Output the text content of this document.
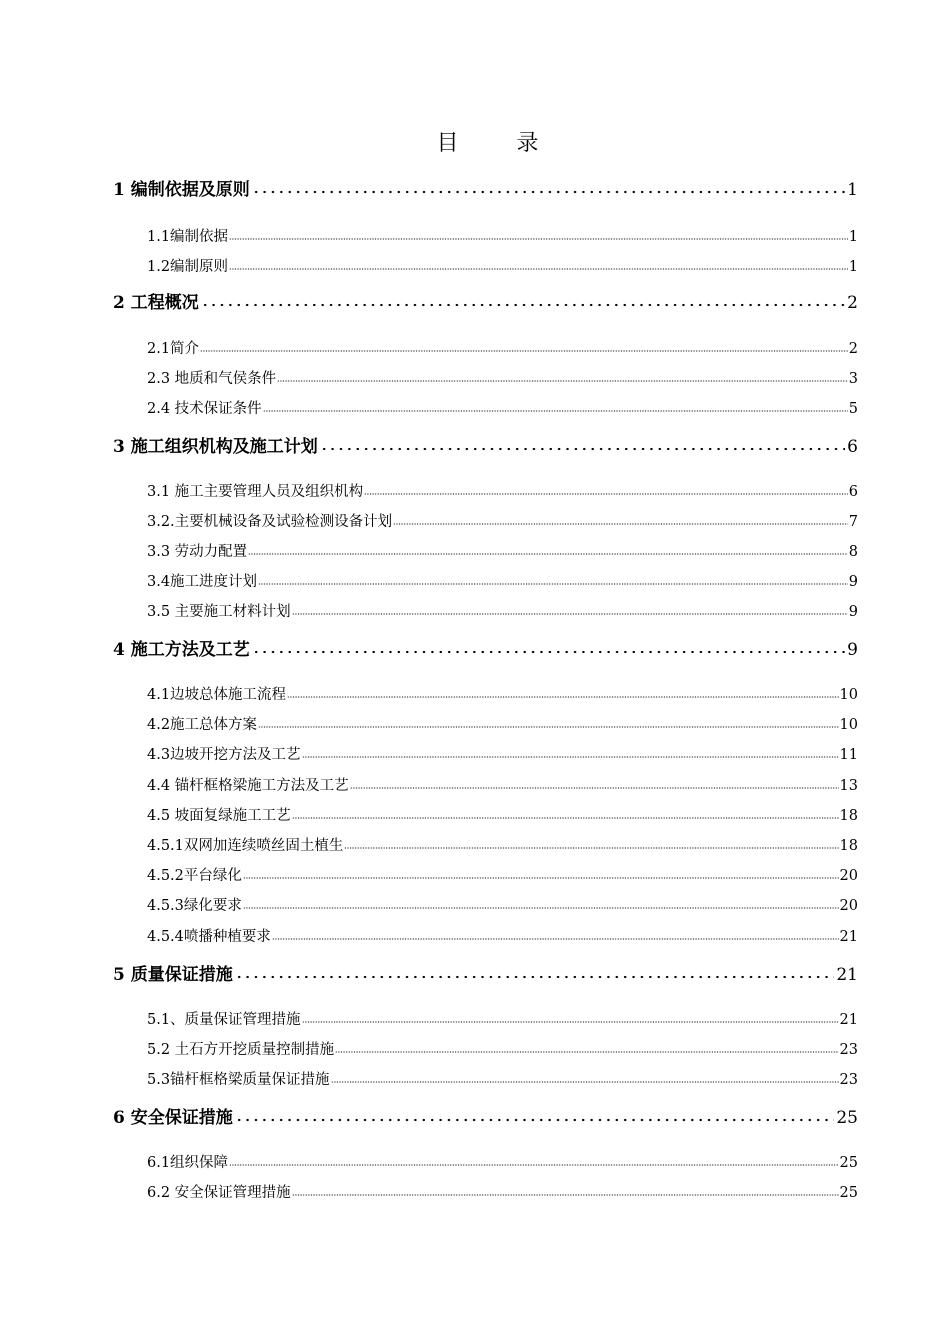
目	录
1 编制依据及原则	1
1.1编制依据	1
1.2编制原则	1
2 工程概况	2
2.1简介	2
2.3 地质和气侯条件	3
2.4 技术保证条件	5
3 施工组织机构及施工计划	6
3.1 施工主要管理人员及组织机构	6
3.2.主要机械设备及试验检测设备计划	7
3.3 劳动力配置	8
3.4施工进度计划	9
3.5 主要施工材料计划	9
4 施工方法及工艺	9
4.1边坡总体施工流程	10
4.2施工总体方案	10
4.3边坡开挖方法及工艺	11
4.4 锚杆框格梁施工方法及工艺	13
4.5 坡面复绿施工工艺	18
4.5.1双网加连续喷丝固土植生	18
4.5.2平台绿化	20
4.5.3绿化要求	20
4.5.4喷播种植要求	21
5 质量保证措施	21
5.1、质量保证管理措施	21
5.2 土石方开挖质量控制措施	23
5.3锚杆框格梁质量保证措施	23
6 安全保证措施	25
6.1组织保障	25
6.2 安全保证管理措施	25
